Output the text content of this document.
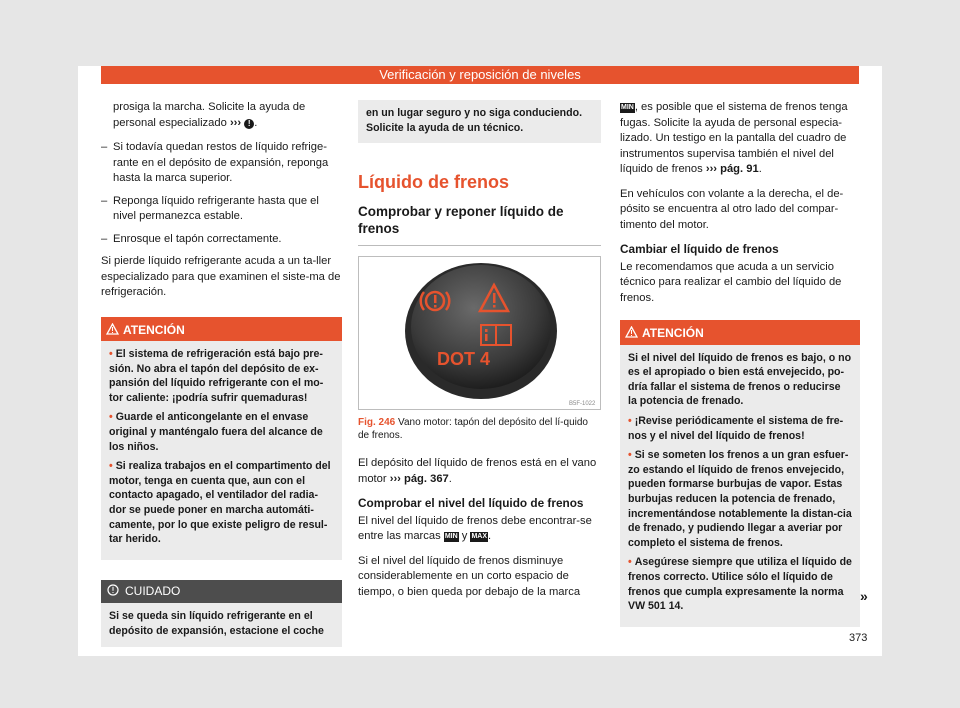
Verificación y reposición de niveles

prosiga la marcha. Solicite la ayuda de personal especializado ››› ! .

– Si todavía quedan restos de líquido refrige-rante en el depósito de expansión, reponga hasta la marca superior.

– Reponga líquido refrigerante hasta que el nivel permanezca estable.

– Enrosque el tapón correctamente.

Si pierde líquido refrigerante acuda a un ta-ller especializado para que examinen el siste-ma de refrigeración.

ATENCIÓN

• El sistema de refrigeración está bajo pre-sión. No abra el tapón del depósito de ex-pansión del líquido refrigerante con el mo-tor caliente: ¡podría sufrir quemaduras!

• Guarde el anticongelante en el envase original y manténgalo fuera del alcance de los niños.

• Si realiza trabajos en el compartimento del motor, tenga en cuenta que, aun con el contacto apagado, el ventilador del radia-dor se puede poner en marcha automáti-camente, por lo que existe peligro de resul-tar herido.

CUIDADO
Si se queda sin líquido refrigerante en el depósito de expansión, estacione el coche
en un lugar seguro y no siga conduciendo. Solicite la ayuda de un técnico.
Líquido de frenos
Comprobar y reponer líquido de frenos
DOT 4
B5F-1022
Fig. 246 Vano motor: tapón del depósito del lí-quido de frenos.

El depósito del líquido de frenos está en el vano motor ››› pág. 367.

Comprobar el nivel del líquido de frenos

El nivel del líquido de frenos debe encontrar-se entre las marcas MIN y MAX.

Si el nivel del líquido de frenos disminuye considerablemente en un corto espacio de tiempo, o bien queda por debajo de la marca

MIN, es posible que el sistema de frenos tenga fugas. Solicite la ayuda de personal especia-lizado. Un testigo en la pantalla del cuadro de instrumentos supervisa también el nivel del líquido de frenos ››› pág. 91.

En vehículos con volante a la derecha, el de-pósito se encuentra al otro lado del compar-timento del motor.

Cambiar el líquido de frenos

Le recomendamos que acuda a un servicio técnico para realizar el cambio del líquido de frenos.

ATENCIÓN

Si el nivel del líquido de frenos es bajo, o no es el apropiado o bien está envejecido, po-dría fallar el sistema de frenos o reducirse la potencia de frenado.

• ¡Revise periódicamente el sistema de fre-nos y el nivel del líquido de frenos!

• Si se someten los frenos a un gran esfuer-zo estando el líquido de frenos envejecido, pueden formarse burbujas de vapor. Estas burbujas reducen la potencia de frenado, incrementándose notablemente la distan-cia de frenado, y pudiendo llegar a averiar por completo el sistema de frenos.

• Asegúrese siempre que utiliza el líquido de frenos correcto. Utilice sólo el líquido de frenos que cumpla expresamente la norma VW 501 14.

»
373
